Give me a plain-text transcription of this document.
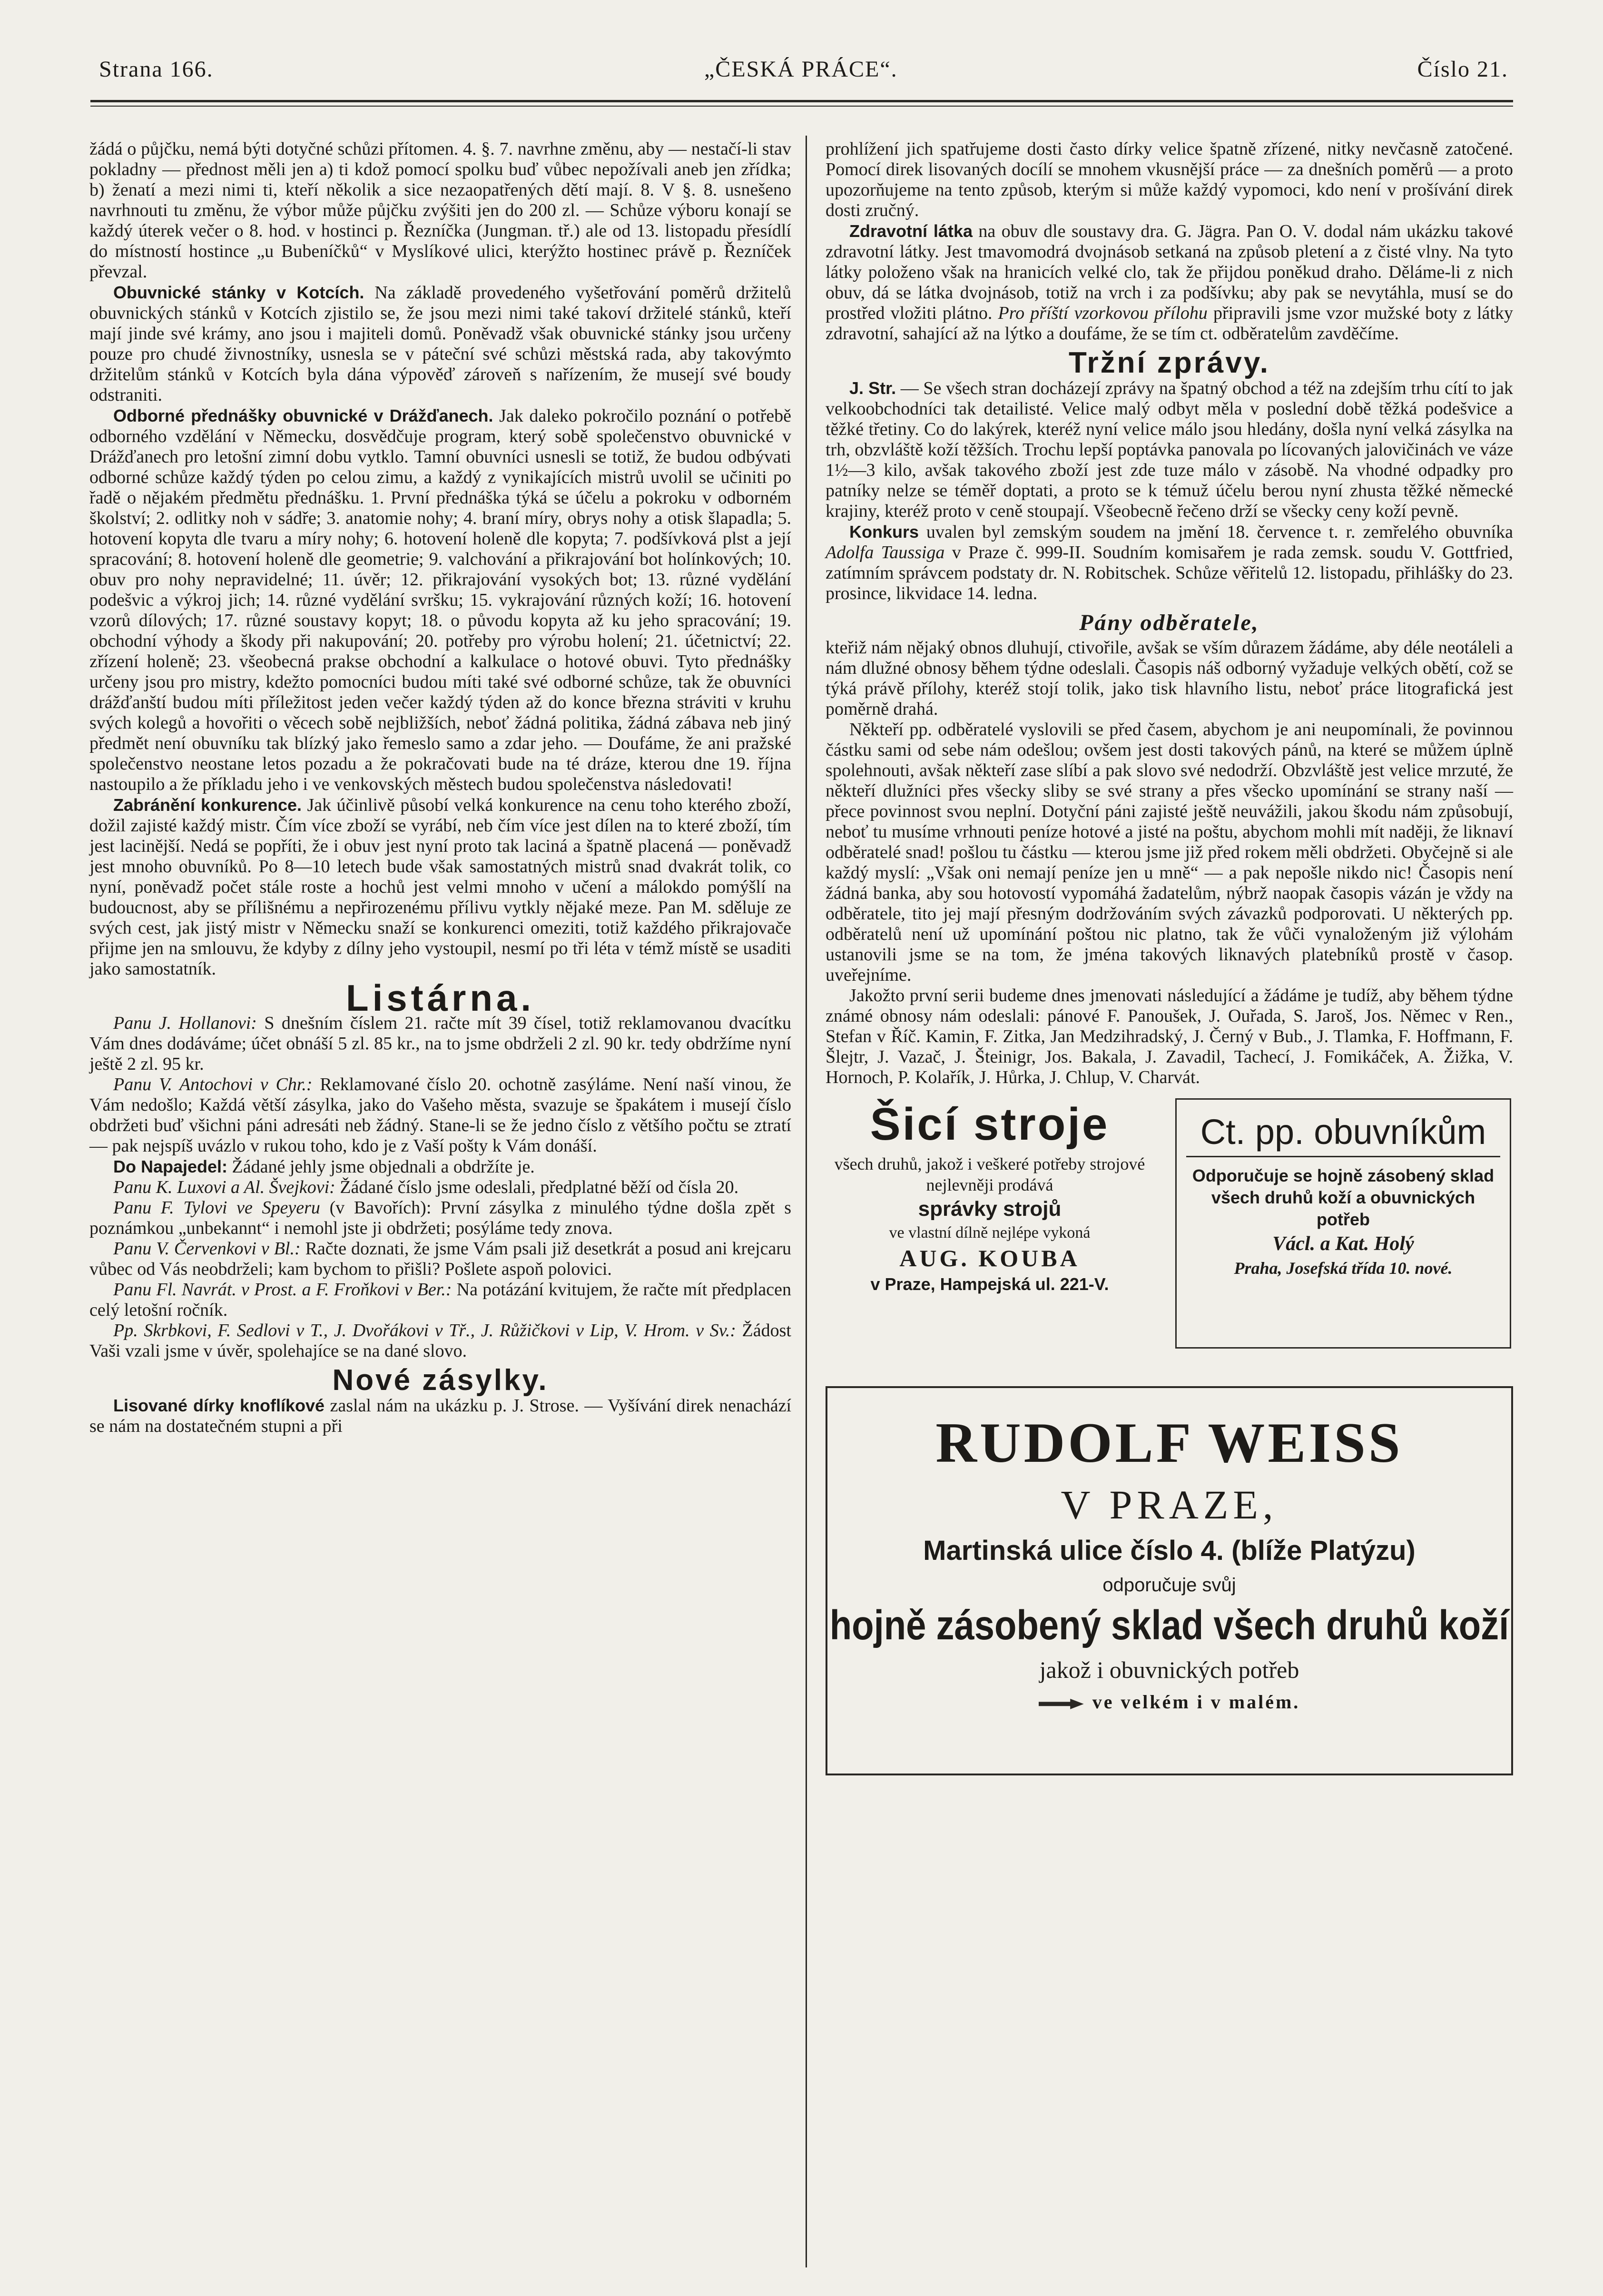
Strana 166.	„ČESKÁ PRÁCE“.	Číslo 21.

žádá o půjčku, nemá býti dotyčné schůzi přítomen. 4. §. 7. navrhne změnu, aby — nestačí-li stav pokladny — přednost měli jen a) ti kdož pomocí spolku buď vůbec nepožívali aneb jen zřídka; b) ženatí a mezi nimi ti, kteří několik a sice nezaopatřených dětí mají. 8. V §. 8. usnešeno navrhnouti tu změnu, že výbor může půjčku zvýšiti jen do 200 zl. — Schůze výboru konají se každý úterek večer o 8. hod. v hostinci p. Řezníčka (Jungman. tř.) ale od 13. listopadu přesídlí do místností hostince „u Bubeníčků“ v Myslíkové ulici, kterýžto hostinec právě p. Řezníček převzal.

Obuvnické stánky v Kotcích. Na základě provedeného vyšetřování poměrů držitelů obuvnických stánků v Kotcích zjistilo se, že jsou mezi nimi také takoví držitelé stánků, kteří mají jinde své krámy, ano jsou i majiteli domů. Poněvadž však obuvnické stánky jsou určeny pouze pro chudé živnostníky, usnesla se v páteční své schůzi městská rada, aby takovýmto držitelům stánků v Kotcích byla dána výpověď zároveň s nařízením, že musejí své boudy odstraniti.

Odborné přednášky obuvnické v Drážďanech. Jak daleko pokročilo poznání o potřebě odborného vzdělání v Německu, dosvědčuje program, který sobě společenstvo obuvnické v Drážďanech pro letošní zimní dobu vytklo. Tamní obuvníci usnesli se totiž, že budou odbývati odborné schůze každý týden po celou zimu, a každý z vynikajících mistrů uvolil se učiniti po řadě o nějakém předmětu přednášku. 1. První přednáška týká se účelu a pokroku v odborném školství; 2. odlitky noh v sádře; 3. anatomie nohy; 4. braní míry, obrys nohy a otisk šlapadla; 5. hotovení kopyta dle tvaru a míry nohy; 6. hotovení holeně dle kopyta; 7. podšívková plst a její spracování; 8. hotovení holeně dle geometrie; 9. valchování a přikrajování bot holínkových; 10. obuv pro nohy nepravidelné; 11. úvěr; 12. přikrajování vysokých bot; 13. různé vydělání podešvic a výkroj jich; 14. různé vydělání svršku; 15. vykrajování různých koží; 16. hotovení vzorů dílových; 17. různé soustavy kopyt; 18. o původu kopyta až ku jeho spracování; 19. obchodní výhody a škody při nakupování; 20. potřeby pro výrobu holení; 21. účetnictví; 22. zřízení holeně; 23. všeobecná prakse obchodní a kalkulace o hotové obuvi. Tyto přednášky určeny jsou pro mistry, kdežto pomocníci budou míti také své odborné schůze, tak že obuvníci drážďanští budou míti příležitost jeden večer každý týden až do konce března stráviti v kruhu svých kolegů a hovořiti o věcech sobě nejbližších, neboť žádná politika, žádná zábava neb jiný předmět není obuvníku tak blízký jako řemeslo samo a zdar jeho. — Doufáme, že ani pražské společenstvo neostane letos pozadu a že pokračovati bude na té dráze, kterou dne 19. října nastoupilo a že příkladu jeho i ve venkovských městech budou společenstva následovati!

Zabránění konkurence. Jak účinlivě působí velká konkurence na cenu toho kterého zboží, dožil zajisté každý mistr. Čím více zboží se vyrábí, neb čím více jest dílen na to které zboží, tím jest lacinější. Nedá se popříti, že i obuv jest nyní proto tak laciná a špatně placená — poněvadž jest mnoho obuvníků. Po 8—10 letech bude však samostatných mistrů snad dvakrát tolik, co nyní, poněvadž počet stále roste a hochů jest velmi mnoho v učení a málokdo pomýšlí na budoucnost, aby se přílišnému a nepřirozenému přílivu vytkly nějaké meze. Pan M. sděluje ze svých cest, jak jistý mistr v Německu snaží se konkurenci omeziti, totiž každého přikrajovače přijme jen na smlouvu, že kdyby z dílny jeho vystoupil, nesmí po tři léta v témž místě se usaditi jako samostatník.

Listárna.

Panu J. Hollanovi: S dnešním číslem 21. račte mít 39 čísel, totiž reklamovanou dvacítku Vám dnes dodáváme; účet obnáší 5 zl. 85 kr., na to jsme obdrželi 2 zl. 90 kr. tedy obdržíme nyní ještě 2 zl. 95 kr.

Panu V. Antochovi v Chr.: Reklamované číslo 20. ochotně zasýláme. Není naší vinou, že Vám nedošlo; Každá větší zásylka, jako do Vašeho města, svazuje se špakátem i musejí číslo obdržeti buď všichni páni adresáti neb žádný. Stane-li se že jedno číslo z většího počtu se ztratí — pak nejspíš uvázlo v rukou toho, kdo je z Vaší pošty k Vám donáší.

Do Napajedel: Žádané jehly jsme objednali a obdržíte je.

Panu K. Luxovi a Al. Švejkovi: Žádané číslo jsme odeslali, předplatné běží od čísla 20.

Panu F. Tylovi ve Speyeru (v Bavořích): První zásylka z minulého týdne došla zpět s poznámkou „unbekannt“ i nemohl jste ji obdržeti; posýláme tedy znova.

Panu V. Červenkovi v Bl.: Račte doznati, že jsme Vám psali již desetkrát a posud ani krejcaru vůbec od Vás neobdrželi; kam bychom to přišli? Pošlete aspoň polovici.

Panu Fl. Navrát. v Prost. a F. Froňkovi v Ber.: Na potázání kvitujem, že račte mít předplacen celý letošní ročník.

Pp. Skrbkovi, F. Sedlovi v T., J. Dvořákovi v Tř., J. Růžičkovi v Lip, V. Hrom. v Sv.: Žádost Vaši vzali jsme v úvěr, spolehajíce se na dané slovo.

Nové zásylky.

Lisované dírky knoflíkové zaslal nám na ukázku p. J. Strose. — Vyšívání direk nenachází se nám na dostatečném stupni a při

prohlížení jich spatřujeme dosti často dírky velice špatně zřízené, nitky nevčasně zatočené. Pomocí direk lisovaných docílí se mnohem vkusnější práce — za dnešních poměrů — a proto upozorňujeme na tento způsob, kterým si může každý vypomoci, kdo není v prošívání direk dosti zručný.

Zdravotní látka na obuv dle soustavy dra. G. Jägra. Pan O. V. dodal nám ukázku takové zdravotní látky. Jest tmavomodrá dvojnásob setkaná na způsob pletení a z čisté vlny. Na tyto látky položeno však na hranicích velké clo, tak že přijdou poněkud draho. Děláme-li z nich obuv, dá se látka dvojnásob, totiž na vrch i za podšívku; aby pak se nevytáhla, musí se do prostřed vložiti plátno. Pro příští vzorkovou přílohu připravili jsme vzor mužské boty z látky zdravotní, sahající až na lýtko a doufáme, že se tím ct. odběratelům zavděčíme.

Tržní zprávy.

J. Str. — Se všech stran docházejí zprávy na špatný obchod a též na zdejším trhu cítí to jak velkoobchodníci tak detailisté. Velice malý odbyt měla v poslední době těžká podešvice a těžké třetiny. Co do lakýrek, kteréž nyní velice málo jsou hledány, došla nyní velká zásylka na trh, obzvláště koží těžších. Trochu lepší poptávka panovala po lícovaných jalovičinách ve váze 1½—3 kilo, avšak takového zboží jest zde tuze málo v zásobě. Na vhodné odpadky pro patníky nelze se téměř doptati, a proto se k témuž účelu berou nyní zhusta těžké německé krajiny, kteréž proto v ceně stoupají. Všeobecně řečeno drží se všecky ceny koží pevně.

Konkurs uvalen byl zemským soudem na jmění 18. července t. r. zemřelého obuvníka Adolfa Taussiga v Praze č. 999-II. Soudním komisařem je rada zemsk. soudu V. Gottfried, zatímním správcem podstaty dr. N. Robitschek. Schůze věřitelů 12. listopadu, přihlášky do 23. prosince, likvidace 14. ledna.

Pány odběratele,

kteřiž nám nějaký obnos dluhují, ctivořile, avšak se vším důrazem žádáme, aby déle neotáleli a nám dlužné obnosy během týdne odeslali. Časopis náš odborný vyžaduje velkých obětí, což se týká právě přílohy, kteréž stojí tolik, jako tisk hlavního listu, neboť práce litografická jest poměrně drahá.

Někteří pp. odběratelé vyslovili se před časem, abychom je ani neupomínali, že povinnou částku sami od sebe nám odešlou; ovšem jest dosti takových pánů, na které se můžem úplně spolehnouti, avšak někteří zase slíbí a pak slovo své nedodrží. Obzvláště jest velice mrzuté, že někteří dlužníci přes všecky sliby se své strany a přes všecko upomínání se strany naší — přece povinnost svou neplní. Dotyční páni zajisté ještě neuvážili, jakou škodu nám způsobují, neboť tu musíme vrhnouti peníze hotové a jisté na poštu, abychom mohli mít naději, že liknaví odběratelé snad! pošlou tu částku — kterou jsme již před rokem měli obdržeti. Obyčejně si ale každý myslí: „Však oni nemají peníze jen u mně“ — a pak nepošle nikdo nic! Časopis není žádná banka, aby sou hotovostí vypomáhá žadatelům, nýbrž naopak časopis vázán je vždy na odběratele, tito jej mají přesným dodržováním svých závazků podporovati. U některých pp. odběratelů není už upomínání poštou nic platno, tak že vůči vynaloženým již výlohám ustanovili jsme se na tom, že jména takových liknavých platebníků prostě v časop. uveřejníme.

Jakožto první serii budeme dnes jmenovati následující a žádáme je tudíž, aby během týdne známé obnosy nám odeslali: pánové F. Panoušek, J. Ouřada, S. Jaroš, Jos. Němec v Ren., Stefan v Říč. Kamin, F. Zitka, Jan Medzihradský, J. Černý v Bub., J. Tlamka, F. Hoffmann, F. Šlejtr, J. Vazač, J. Šteinigr, Jos. Bakala, J. Zavadil, Tachecí, J. Fomikáček, A. Žižka, V. Hornoch, P. Kolařík, J. Hůrka, J. Chlup, V. Charvát.

Šicí stroje
všech druhů, jakož i veškeré potřeby strojové nejlevněji prodává
správky strojů
ve vlastní dílně nejlépe vykoná
AUG. KOUBA
v Praze, Hampejská ul. 221-V.
Ct. pp. obuvníkům
Odporučuje se hojně zásobený sklad všech druhů koží a obuvnických potřeb
Václ. a Kat. Holý
Praha, Josefská třída 10. nové.
RUDOLF WEISS
V PRAZE,
Martinská ulice číslo 4. (blíže Platýzu)
odporučuje svůj
hojně zásobený sklad všech druhů koží
jakož i obuvnických potřeb
ve velkém i v malém.
